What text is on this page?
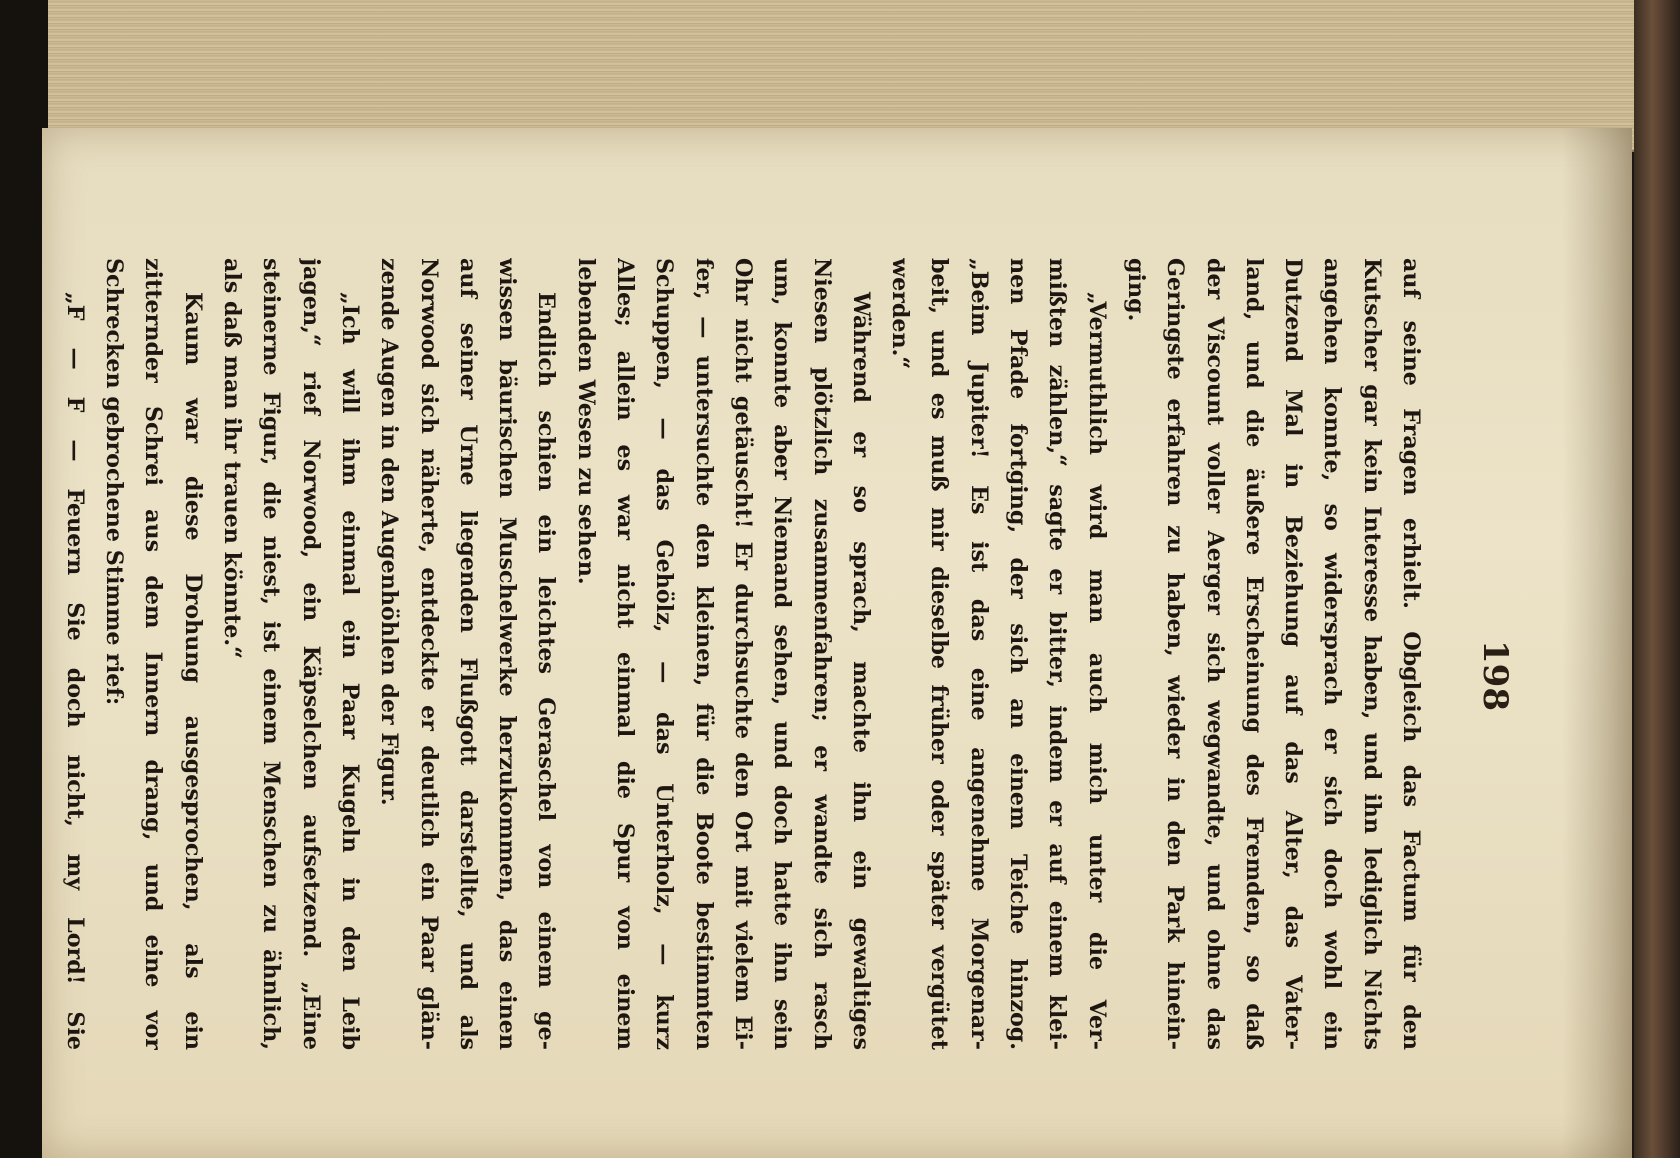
198
auf seine Fragen erhielt. Obgleich das Factum für den
Kutscher gar kein Interesse haben, und ihn lediglich Nichts
angehen konnte, so widersprach er sich doch wohl ein
Dutzend Mal in Beziehung auf das Alter, das Vater-
land, und die äußere Erscheinung des Fremden, so daß
der Viscount voller Aerger sich wegwandte, und ohne das
Geringste erfahren zu haben, wieder in den Park hinein-
ging.
„Vermuthlich wird man auch mich unter die Ver-
mißten zählen,“ sagte er bitter, indem er auf einem klei-
nen Pfade fortging, der sich an einem Teiche hinzog.
„Beim Jupiter! Es ist das eine angenehme Morgenar-
beit, und es muß mir dieselbe früher oder später vergütet
werden.“
Während er so sprach, machte ihn ein gewaltiges
Niesen plötzlich zusammenfahren; er wandte sich rasch
um, konnte aber Niemand sehen, und doch hatte ihn sein
Ohr nicht getäuscht! Er durchsuchte den Ort mit vielem Ei-
fer, — untersuchte den kleinen, für die Boote bestimmten
Schuppen, — das Gehölz, — das Unterholz, — kurz
Alles; allein es war nicht einmal die Spur von einem
lebenden Wesen zu sehen.
Endlich schien ein leichtes Geraschel von einem ge-
wissen bäurischen Muschelwerke herzukommen, das einen
auf seiner Urne liegenden Flußgott darstellte, und als
Norwood sich näherte, entdeckte er deutlich ein Paar glän-
zende Augen in den Augenhöhlen der Figur.
„Ich will ihm einmal ein Paar Kugeln in den Leib
jagen,“ rief Norwood, ein Käpselchen aufsetzend. „Eine
steinerne Figur, die niest, ist einem Menschen zu ähnlich,
als daß man ihr trauen könnte.“
Kaum war diese Drohung ausgesprochen, als ein
zitternder Schrei aus dem Innern drang, und eine vor
Schrecken gebrochene Stimme rief:
„F — F — Feuern Sie doch nicht, my Lord! Sie
